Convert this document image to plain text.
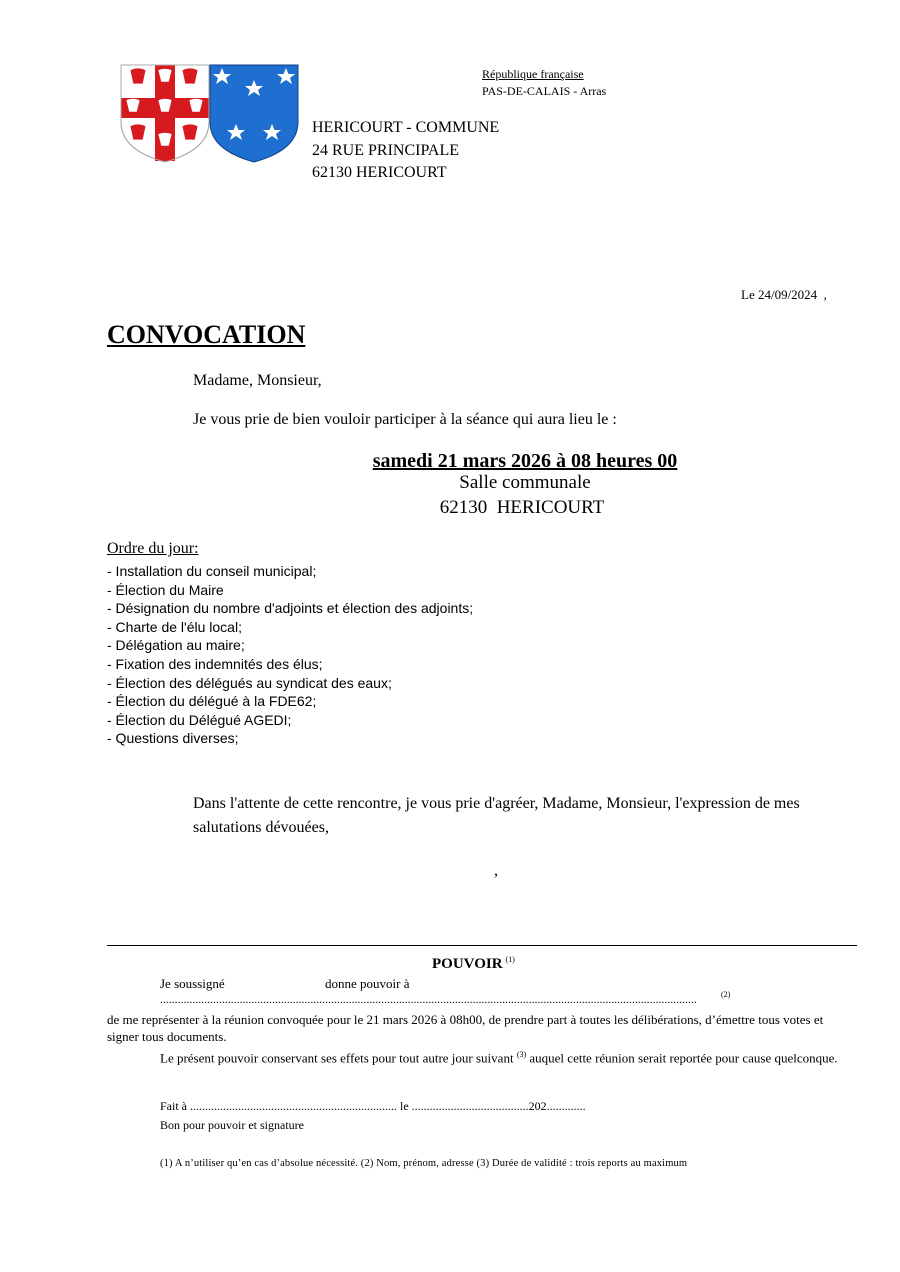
République française
PAS-DE-CALAIS - Arras
HERICOURT - COMMUNE
24 RUE PRINCIPALE
62130 HERICOURT
Le 24/09/2024  ,
CONVOCATION
Madame, Monsieur,
Je vous prie de bien vouloir participer à la séance qui aura lieu le :
samedi 21 mars 2026 à 08 heures 00
Salle communale
62130  HERICOURT
Ordre du jour:
- Installation du conseil municipal;
- Élection du Maire
- Désignation du nombre d'adjoints et élection des adjoints;
- Charte de l'élu local;
- Délégation au maire;
- Fixation des indemnités des élus;
- Élection des délégués au syndicat des eaux;
- Élection du délégué à la FDE62;
- Élection du Délégué AGEDI;
- Questions diverses;
Dans l'attente de cette rencontre, je vous prie d'agréer, Madame, Monsieur, l'expression de mes salutations dévouées,
,
POUVOIR $^{(1)}$
Je soussigné	donne pouvoir à
......................................................................................................................................................................................	(2)
de me représenter à la réunion convoquée pour le 21 mars 2026 à 08h00, de prendre part à toutes les délibérations, d’émettre tous votes et signer tous documents.
Le présent pouvoir conservant ses effets pour tout autre jour suivant $^{(3)}$ auquel cette réunion serait reportée pour cause quelconque.
Fait à ..................................................................... le .......................................202.............
Bon pour pouvoir et signature
(1) A n’utiliser qu’en cas d’absolue nécessité. (2) Nom, prénom, adresse (3) Durée de validité : trois reports au maximum
